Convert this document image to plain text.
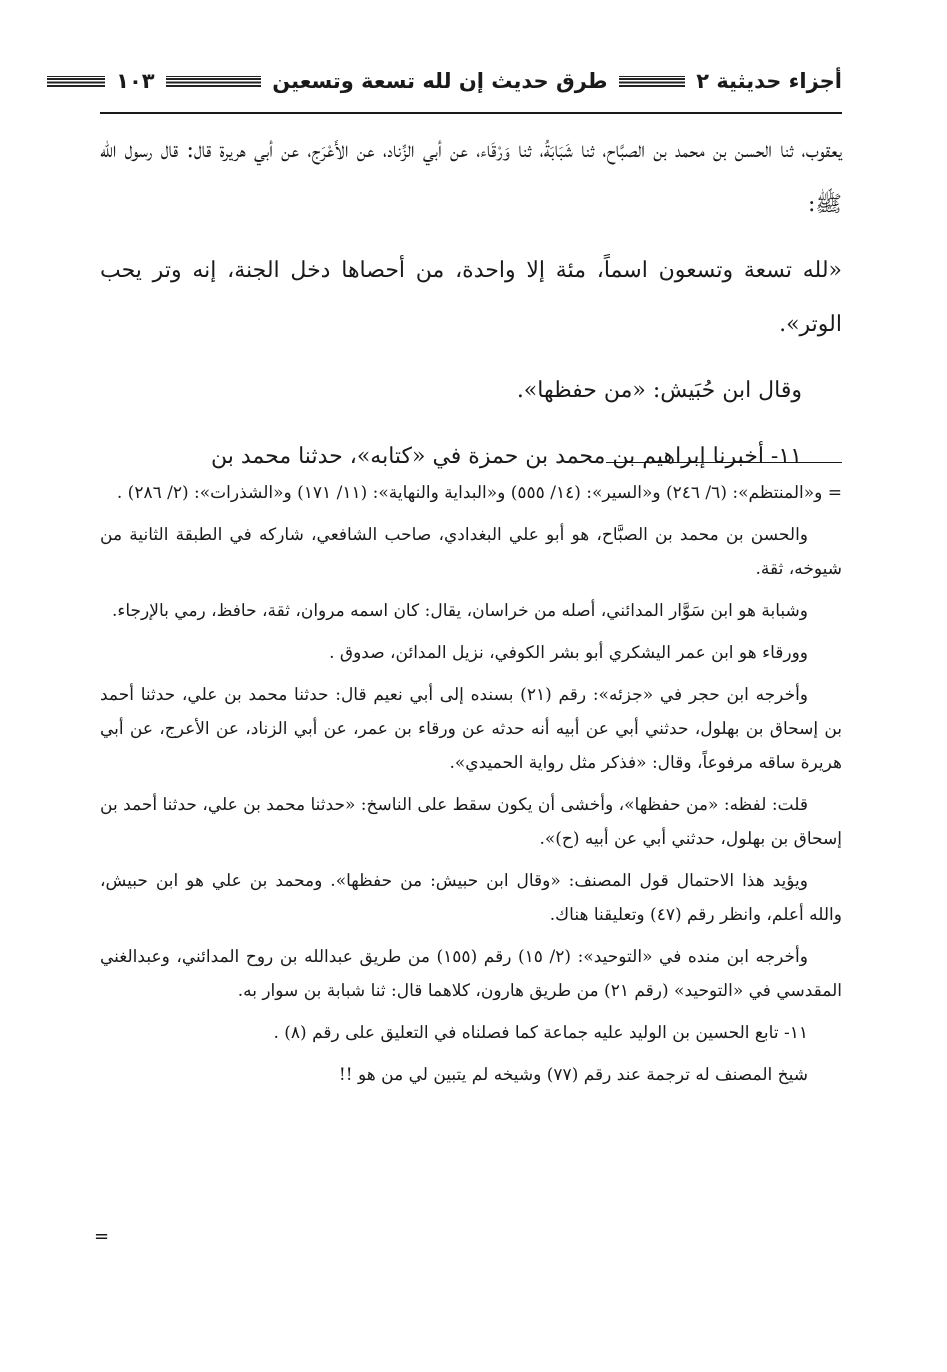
أجزاء حديثية ٢  طرق حديث إن لله تسعة وتسعين  ١٠٣

يعقوب، ثنا الحسن بن محمد بن الصبَّاح، ثنا شَبَابَةُ، ثنا وَرْقَاء، عن أبي الزِّناد، عن الأَعْرَج، عن أبي هريرة قال: قال رسول الله ﷺ:

«لله تسعة وتسعون اسماً، مئة إلا واحدة، من أحصاها دخل الجنة، إنه وتر يحب الوتر».

وقال ابن حُبَيش: «من حفظها».

١١- أخبرنا إبراهيم بن محمد بن حمزة في «كتابه»، حدثنا محمد بن

= و«المنتظم»: (٦/ ٢٤٦) و«السير»: (١٤/ ٥٥٥) و«البداية والنهاية»: (١١/ ١٧١) و«الشذرات»: (٢/ ٢٨٦) .

والحسن بن محمد بن الصبَّاح، هو أبو علي البغدادي، صاحب الشافعي، شاركه في الطبقة الثانية من شيوخه، ثقة.

وشبابة هو ابن سَوَّار المدائني، أصله من خراسان، يقال: كان اسمه مروان، ثقة، حافظ، رمي بالإرجاء.

وورقاء هو ابن عمر اليشكري أبو بشر الكوفي، نزيل المدائن، صدوق .

وأخرجه ابن حجر في «جزئه»: رقم (٢١) بسنده إلى أبي نعيم قال: حدثنا محمد بن علي، حدثنا أحمد بن إسحاق بن بهلول، حدثني أبي عن أبيه أنه حدثه عن ورقاء بن عمر، عن أبي الزناد، عن الأعرج، عن أبي هريرة ساقه مرفوعاً، وقال: «فذكر مثل رواية الحميدي».

قلت: لفظه: «من حفظها»، وأخشى أن يكون سقط على الناسخ: «حدثنا محمد بن علي، حدثنا أحمد بن إسحاق بن بهلول، حدثني أبي عن أبيه (ح)».

ويؤيد هذا الاحتمال قول المصنف: «وقال ابن حبيش: من حفظها». ومحمد بن علي هو ابن حبيش، والله أعلم، وانظر رقم (٤٧) وتعليقنا هناك.

وأخرجه ابن منده في «التوحيد»: (٢/ ١٥) رقم (١٥٥) من طريق عبدالله بن روح المدائني، وعبدالغني المقدسي في «التوحيد» (رقم ٢١) من طريق هارون، كلاهما قال: ثنا شبابة بن سوار به.

١١- تابع الحسين بن الوليد عليه جماعة كما فصلناه في التعليق على رقم (٨) .

شيخ المصنف له ترجمة عند رقم (٧٧) وشيخه لم يتبين لي من هو !!

=
